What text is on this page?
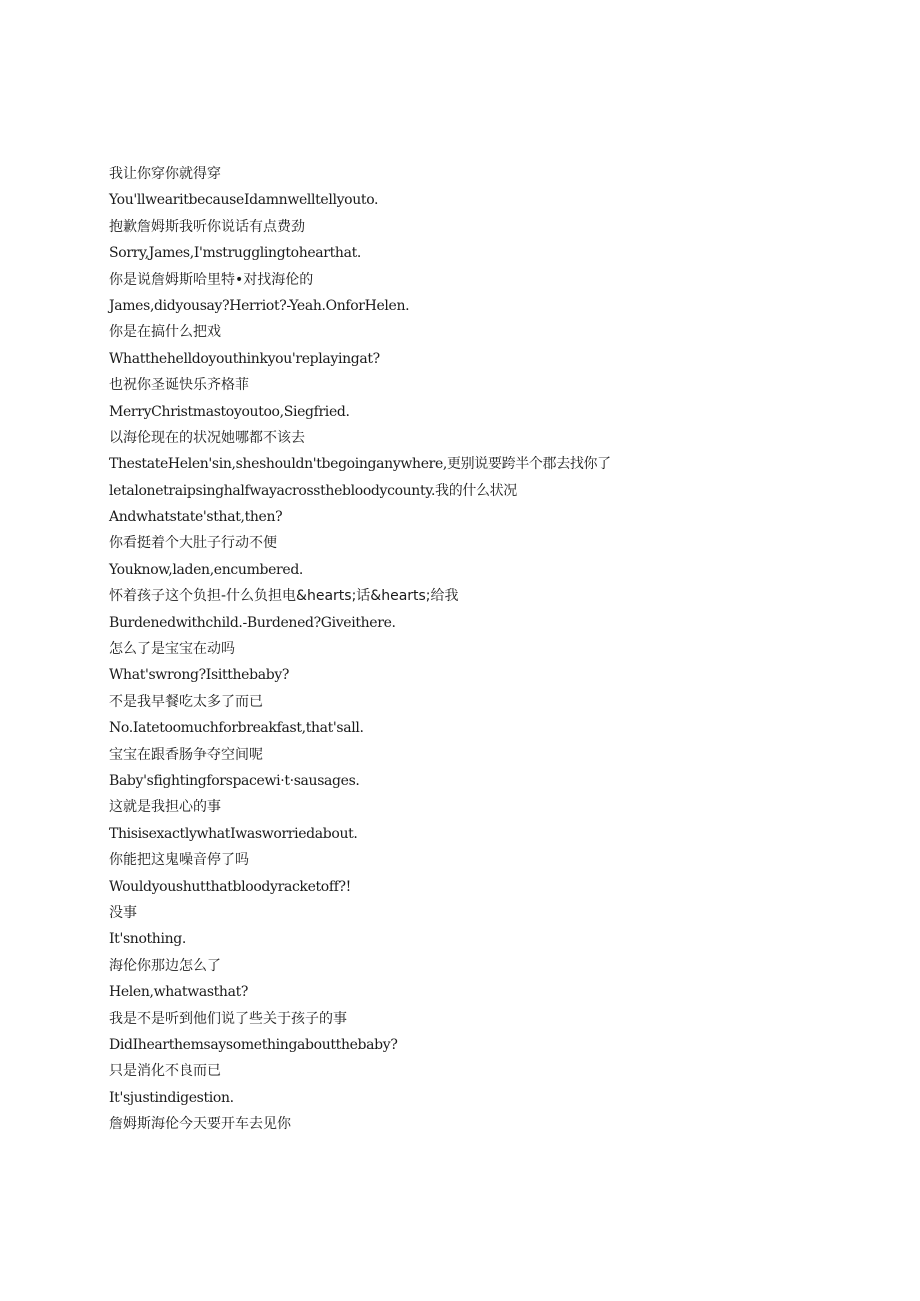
我让你穿你就得穿
You'llwearitbecauseIdamnwelltellyouto.
抱歉詹姆斯我听你说话有点费劲
Sorry,James,I'mstrugglingtohearthat.
你是说詹姆斯哈里特•对找海伦的
James,didyousay?Herriot?-Yeah.OnforHelen.
你是在搞什么把戏
Whatthehelldoyouthinkyou'replayingat?
也祝你圣诞快乐齐格菲
MerryChristmastoyoutoo,Siegfried.
以海伦现在的状况她哪都不该去
ThestateHelen'sin,sheshouldn'tbegoinganywhere,更别说要跨半个郡去找你了
letalonetraipsinghalfwayacrossthebloodycounty.我的什么状况
Andwhatstate'sthat,then?
你看挺着个大肚子行动不便
Youknow,laden,encumbered.
怀着孩子这个负担-什么负担电&hearts;话&hearts;给我
Burdenedwithchild.-Burdened?Giveithere.
怎么了是宝宝在动吗
What'swrong?Isitthebaby?
不是我早餐吃太多了而已
No.Iatetoomuchforbreakfast,that'sall.
宝宝在跟香肠争夺空间呢
Baby'sfightingforspacewi·t·sausages.
这就是我担心的事
ThisisexactlywhatIwasworriedabout.
你能把这鬼噪音停了吗
Wouldyoushutthatbloodyracketoff?!
没事
It'snothing.
海伦你那边怎么了
Helen,whatwasthat?
我是不是听到他们说了些关于孩子的事
DidIhearthemsaysomethingaboutthebaby?
只是消化不良而已
It'sjustindigestion.
詹姆斯海伦今天要开车去见你
